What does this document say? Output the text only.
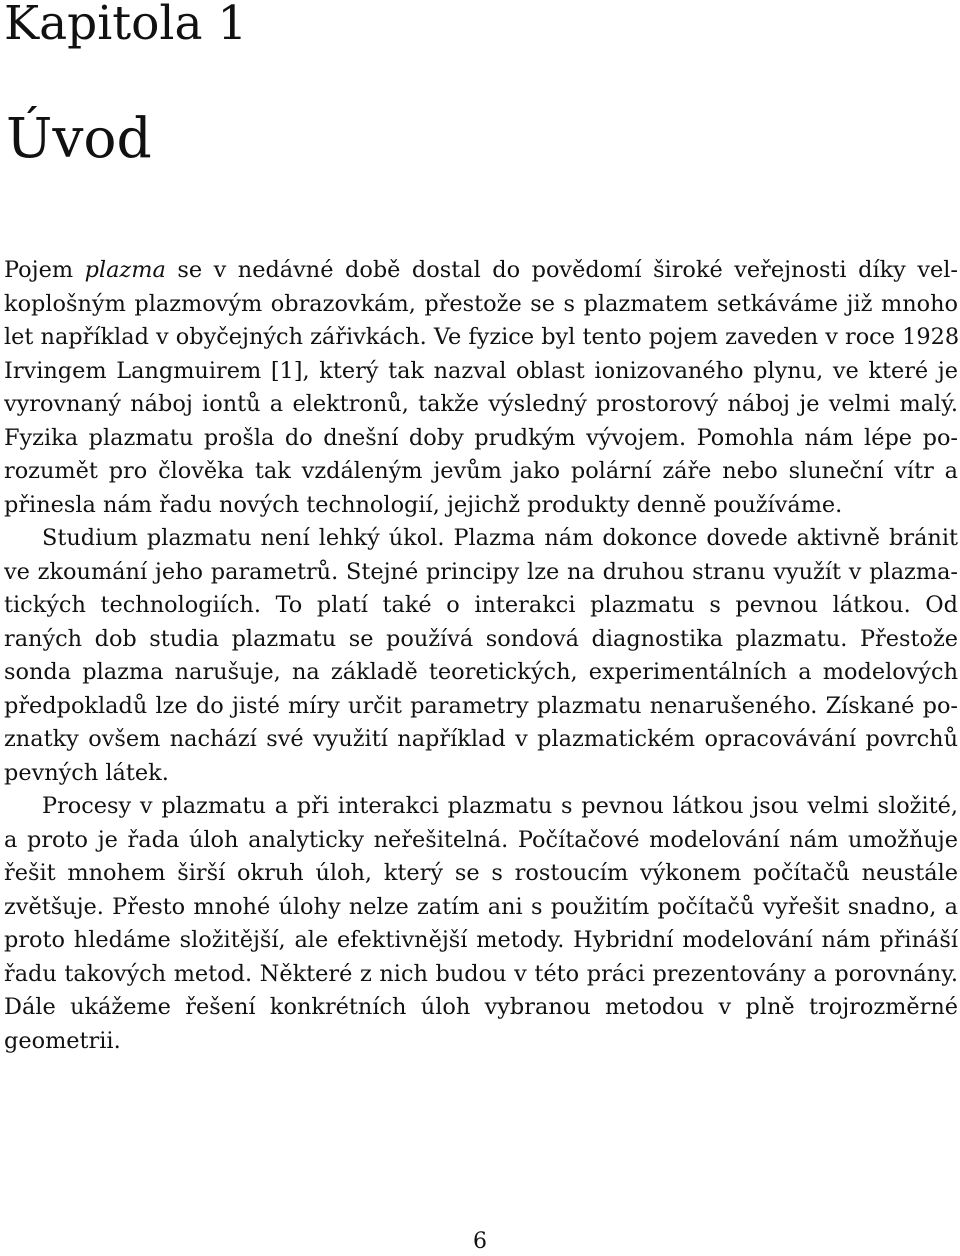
Kapitola 1
Úvod
Pojem plazma se v nedávné době dostal do povědomí široké veřejnosti díky vel-
koplošným plazmovým obrazovkám, přestože se s plazmatem setkáváme již mnoho
let například v obyčejných zářivkách. Ve fyzice byl tento pojem zaveden v roce 1928
Irvingem Langmuirem [1], který tak nazval oblast ionizovaného plynu, ve které je
vyrovnaný náboj iontů a elektronů, takže výsledný prostorový náboj je velmi malý.
Fyzika plazmatu prošla do dnešní doby prudkým vývojem. Pomohla nám lépe po-
rozumět pro člověka tak vzdáleným jevům jako polární záře nebo sluneční vítr a
přinesla nám řadu nových technologií, jejichž produkty denně používáme.
Studium plazmatu není lehký úkol. Plazma nám dokonce dovede aktivně bránit
ve zkoumání jeho parametrů. Stejné principy lze na druhou stranu využít v plazma-
tických technologiích. To platí také o interakci plazmatu s pevnou látkou. Od
raných dob studia plazmatu se používá sondová diagnostika plazmatu. Přestože
sonda plazma narušuje, na základě teoretických, experimentálních a modelových
předpokladů lze do jisté míry určit parametry plazmatu nenarušeného. Získané po-
znatky ovšem nachází své využití například v plazmatickém opracovávání povrchů
pevných látek.
Procesy v plazmatu a při interakci plazmatu s pevnou látkou jsou velmi složité,
a proto je řada úloh analyticky neřešitelná. Počítačové modelování nám umožňuje
řešit mnohem širší okruh úloh, který se s rostoucím výkonem počítačů neustále
zvětšuje. Přesto mnohé úlohy nelze zatím ani s použitím počítačů vyřešit snadno, a
proto hledáme složitější, ale efektivnější metody. Hybridní modelování nám přináší
řadu takových metod. Některé z nich budou v této práci prezentovány a porovnány.
Dále ukážeme řešení konkrétních úloh vybranou metodou v plně trojrozměrné
geometrii.
6
